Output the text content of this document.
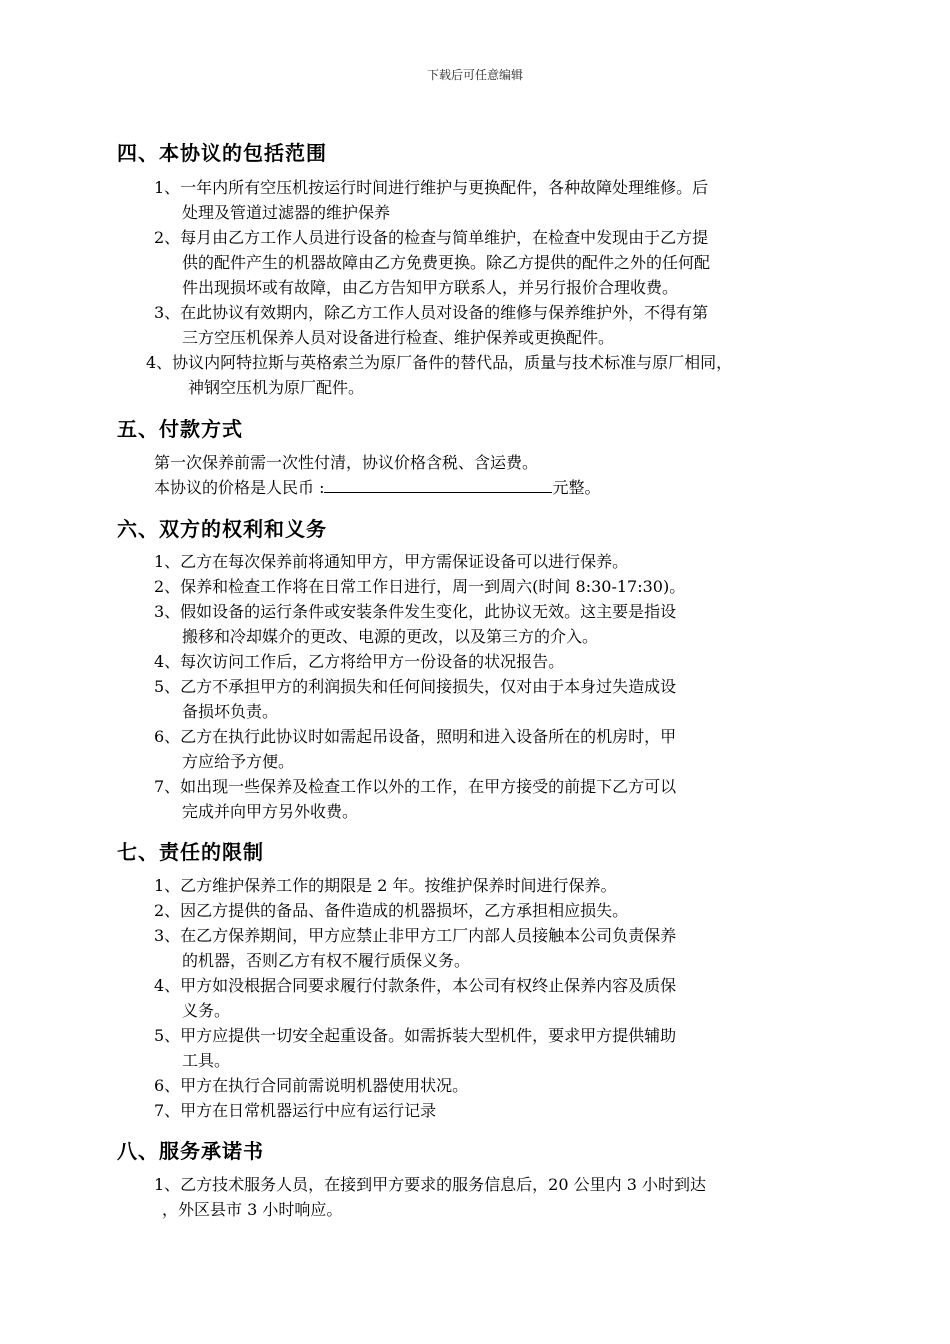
下载后可任意编辑
四、本协议的包括范围

1、一年内所有空压机按运行时间进行维护与更换配件，各种故障处理维修。后

处理及管道过滤器的维护保养

2、每月由乙方工作人员进行设备的检查与简单维护，在检查中发现由于乙方提

供的配件产生的机器故障由乙方免费更换。除乙方提供的配件之外的任何配

件出现损坏或有故障，由乙方告知甲方联系人，并另行报价合理收费。

3、在此协议有效期内，除乙方工作人员对设备的维修与保养维护外，不得有第

三方空压机保养人员对设备进行检查、维护保养或更换配件。

4、协议内阿特拉斯与英格索兰为原厂备件的替代品，质量与技术标准与原厂相同，

神钢空压机为原厂配件。

五、付款方式

第一次保养前需一次性付清，协议价格含税、含运费。

本协议的价格是人民币 :	元整。

六、双方的权利和义务

1、乙方在每次保养前将通知甲方，甲方需保证设备可以进行保养。

2、保养和检查工作将在日常工作日进行，周一到周六(时间 8:30-17:30)。

3、假如设备的运行条件或安装条件发生变化，此协议无效。这主要是指设

搬移和冷却媒介的更改、电源的更改，以及第三方的介入。

4、每次访问工作后，乙方将给甲方一份设备的状况报告。

5、乙方不承担甲方的利润损失和任何间接损失，仅对由于本身过失造成设

备损坏负责。

6、乙方在执行此协议时如需起吊设备，照明和进入设备所在的机房时，甲

方应给予方便。

7、如出现一些保养及检查工作以外的工作，在甲方接受的前提下乙方可以

完成并向甲方另外收费。

七、责任的限制

1、乙方维护保养工作的期限是 2 年。按维护保养时间进行保养。

2、因乙方提供的备品、备件造成的机器损坏，乙方承担相应损失。

3、在乙方保养期间，甲方应禁止非甲方工厂内部人员接触本公司负责保养

的机器，否则乙方有权不履行质保义务。

4、甲方如没根据合同要求履行付款条件，本公司有权终止保养内容及质保

义务。

5、甲方应提供一切安全起重设备。如需拆装大型机件，要求甲方提供辅助

工具。

6、甲方在执行合同前需说明机器使用状况。

7、甲方在日常机器运行中应有运行记录

八、服务承诺书

1、乙方技术服务人员，在接到甲方要求的服务信息后，20 公里内 3 小时到达

，外区县市 3 小时响应。
